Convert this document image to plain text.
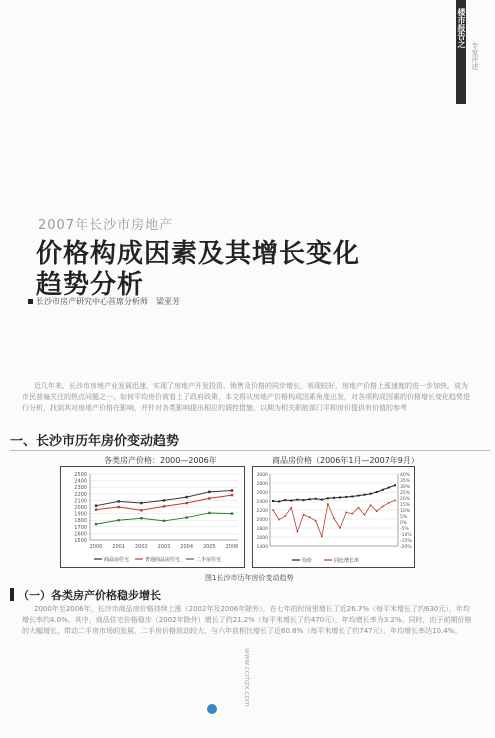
楼市报告之
专家评述
2007年长沙市房地产
价格构成因素及其增长变化
趋势分析
长沙市房产研究中心首席分析师　梁亚芳
近几年来，长沙市房地产业发展迅速，实现了房地产开发投资、销售及价格的同步增长，表现较好，房地产价格上涨速度的进一步加快。成为市民普遍关注的热点问题之一。如何平均房价被看上了政府政策，本文将从房地产价格构成因素角度出发，对各项构成因素的价格增长变化趋势进行分析，找到其对房地产价格在影响，并针对各类影响提出相应的调控措施，以期为相关职能部门平抑房价提供有价值的参考
一、长沙市历年房价变动趋势
各类房产价格：2000—2006年	商品房价格（2006年1月—2007年9月）
2500
2400
2300
2200
2100
2000
1900
1800
1700
1600
1500
2000 2001 2002 2003 2004 2005 2006
商品房住宅	普通商品房住宅	二手房住宅
3000
2800
2600
2400
2200
2000
1800
1600
1400
40%
35%
30%
25%
20%
15%
10%
5%
0%
-5%
-10%
-15%
-20%
均价	同比增长率
图1长沙市历年房价变动趋势
（一）各类房产价格稳步增长
2000年至2006年，长沙市商品房价格持续上涨（2002年及2006年除外），在七年的时间里增长了近26.7%（每平米增长了约630元），年均增长率约4.0%。其中，商品住宅价格稳步（2002年除外）增长了约21.2%（每平米增长了约470元），年均增长率为3.2%。同时，由于前期价格的大幅增长，带动二手房市场的发展，二手房价格波动较大，与六年前相比增长了近60.8%（每平米增长了约747元），年均增长率达10.4%。
www.ccrhzx.com
